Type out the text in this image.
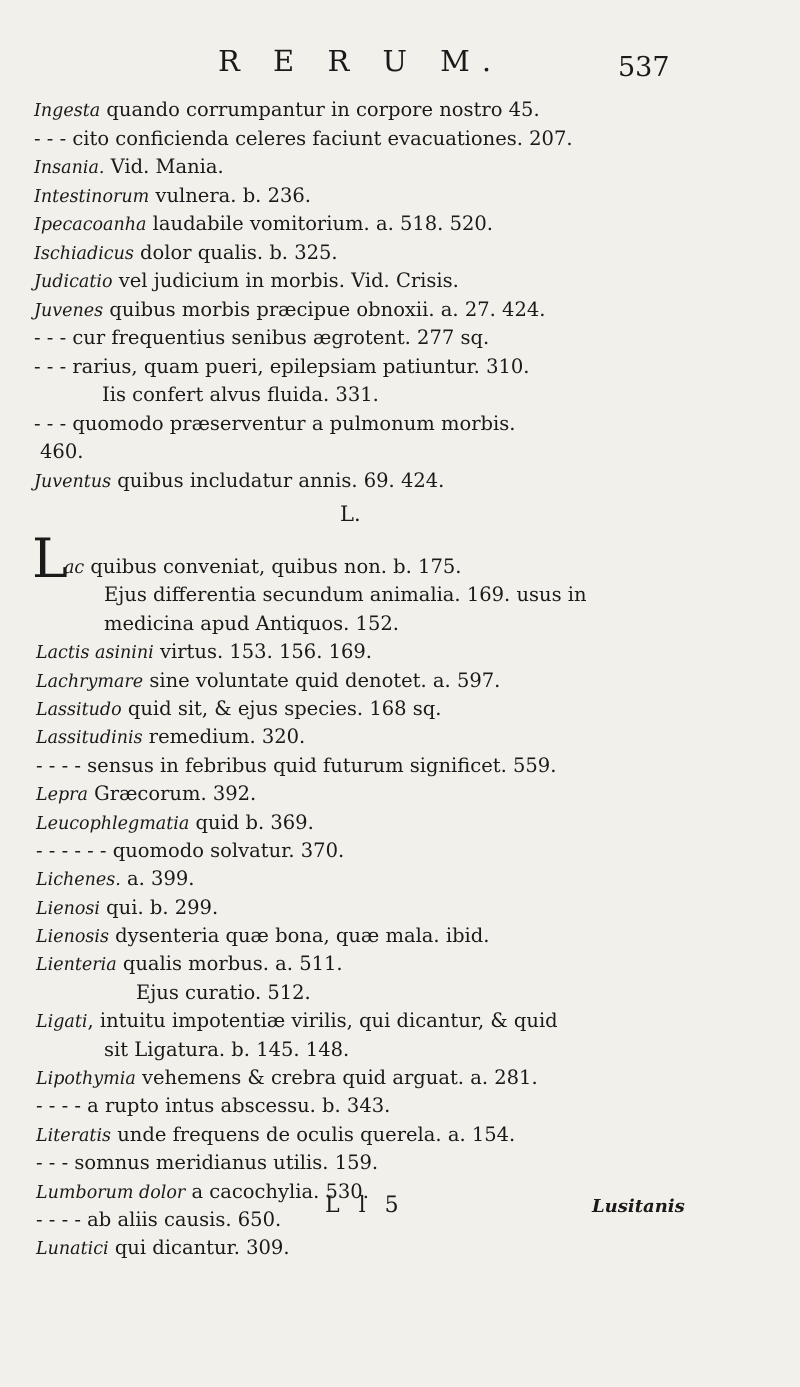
R E R U M.	537
Ingesta quando corrumpantur in corpore nostro 45.
- - - cito conficienda celeres faciunt evacuationes. 207.
Insania. Vid. Mania.
Intestinorum vulnera. b. 236.
Ipecacoanha laudabile vomitorium. a. 518. 520.
Ischiadicus dolor qualis. b. 325.
Judicatio vel judicium in morbis. Vid. Crisis.
Juvenes quibus morbis præcipue obnoxii. a. 27. 424.
- - - cur frequentius senibus ægrotent. 277 sq.
- - - rarius, quam pueri, epilepsiam patiuntur. 310.
Iis confert alvus fluida. 331.
- - - quomodo præserventur a pulmonum morbis.
460.
Juventus quibus includatur annis. 69. 424.
L.
L
ac quibus conveniat, quibus non. b. 175.
Ejus differentia secundum animalia. 169. usus in
medicina apud Antiquos. 152.
Lactis asinini virtus. 153. 156. 169.
Lachrymare sine voluntate quid denotet. a. 597.
Lassitudo quid sit, & ejus species. 168 sq.
Lassitudinis remedium. 320.
- - - - sensus in febribus quid futurum significet. 559.
Lepra Græcorum. 392.
Leucophlegmatia quid b. 369.
- - - - - - quomodo solvatur. 370.
Lichenes. a. 399.
Lienosi qui. b. 299.
Lienosis dysenteria quæ bona, quæ mala. ibid.
Lienteria qualis morbus. a. 511.
Ejus curatio. 512.
Ligati, intuitu impotentiæ virilis, qui dicantur, & quid
sit Ligatura. b. 145. 148.
Lipothymia vehemens & crebra quid arguat. a. 281.
- - - - a rupto intus abscessu. b. 343.
Literatis unde frequens de oculis querela. a. 154.
- - - somnus meridianus utilis. 159.
Lumborum dolor a cacochylia. 530.
- - - - ab aliis causis. 650.
Lunatici qui dicantur. 309.
L l 5	Lusitanis
